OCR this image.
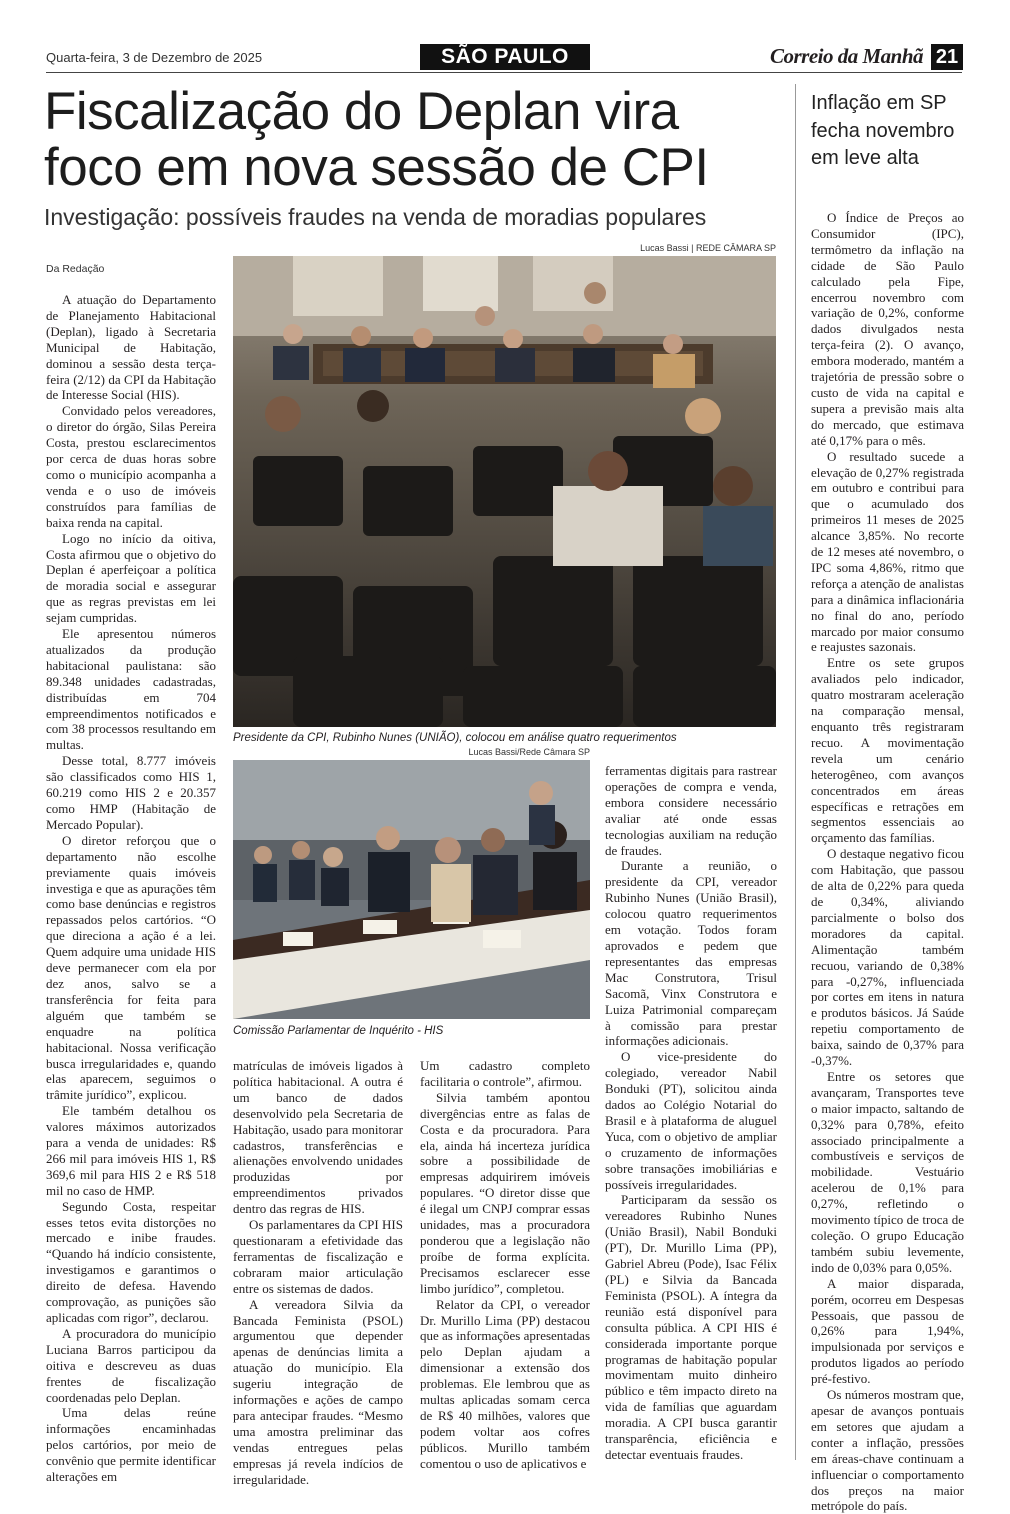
Quarta-feira, 3 de Dezembro de 2025	SÃO PAULO	Correio da Manhã 21
Fiscalização do Deplan vira foco em nova sessão de CPI
Investigação: possíveis fraudes na venda de moradias populares
Da Redação
Lucas Bassi | REDE CÂMARA SP
Presidente da CPI, Rubinho Nunes (UNIÃO), colocou em análise quatro requerimentos
Lucas Bassi/Rede Câmara SP
Comissão Parlamentar de Inquérito - HIS

A atuação do Departamento de Planejamento Habitacional (Deplan), ligado à Secretaria Municipal de Habitação, dominou a sessão desta terça-feira (2/12) da CPI da Habitação de Interesse Social (HIS).

Convidado pelos vereadores, o diretor do órgão, Silas Pereira Costa, prestou esclarecimentos por cerca de duas horas sobre como o município acompanha a venda e o uso de imóveis construídos para famílias de baixa renda na capital.

Logo no início da oitiva, Costa afirmou que o objetivo do Deplan é aperfeiçoar a política de moradia social e assegurar que as regras previstas em lei sejam cumpridas.

Ele apresentou números atualizados da produção habitacional paulistana: são 89.348 unidades cadastradas, distribuídas em 704 empreendimentos notificados e com 38 processos resultando em multas.

Desse total, 8.777 imóveis são classificados como HIS 1, 60.219 como HIS 2 e 20.357 como HMP (Habitação de Mercado Popular).

O diretor reforçou que o departamento não escolhe previamente quais imóveis investiga e que as apurações têm como base denúncias e registros repassados pelos cartórios. “O que direciona a ação é a lei. Quem adquire uma unidade HIS deve permanecer com ela por dez anos, salvo se a transferência for feita para alguém que também se enquadre na política habitacional. Nossa verificação busca irregularidades e, quando elas aparecem, seguimos o trâmite jurídico”, explicou.

Ele também detalhou os valores máximos autorizados para a venda de unidades: R$ 266 mil para imóveis HIS 1, R$ 369,6 mil para HIS 2 e R$ 518 mil no caso de HMP.

Segundo Costa, respeitar esses tetos evita distorções no mercado e inibe fraudes. “Quando há indício consistente, investigamos e garantimos o direito de defesa. Havendo comprovação, as punições são aplicadas com rigor”, declarou.

A procuradora do município Luciana Barros participou da oitiva e descreveu as duas frentes de fiscalização coordenadas pelo Deplan.

Uma delas reúne informações encaminhadas pelos cartórios, por meio de convênio que permite identificar alterações em

matrículas de imóveis ligados à política habitacional. A outra é um banco de dados desenvolvido pela Secretaria de Habitação, usado para monitorar cadastros, transferências e alienações envolvendo unidades produzidas por empreendimentos privados dentro das regras de HIS.

Os parlamentares da CPI HIS questionaram a efetividade das ferramentas de fiscalização e cobraram maior articulação entre os sistemas de dados.

A vereadora Silvia da Bancada Feminista (PSOL) argumentou que depender apenas de denúncias limita a atuação do município. Ela sugeriu integração de informações e ações de campo para antecipar fraudes. “Mesmo uma amostra preliminar das vendas entregues pelas empresas já revela indícios de irregularidade.

Um cadastro completo facilitaria o controle”, afirmou.

Silvia também apontou divergências entre as falas de Costa e da procuradora. Para ela, ainda há incerteza jurídica sobre a possibilidade de empresas adquirirem imóveis populares. “O diretor disse que é ilegal um CNPJ comprar essas unidades, mas a procuradora ponderou que a legislação não proíbe de forma explícita. Precisamos esclarecer esse limbo jurídico”, completou.

Relator da CPI, o vereador Dr. Murillo Lima (PP) destacou que as informações apresentadas pelo Deplan ajudam a dimensionar a extensão dos problemas. Ele lembrou que as multas aplicadas somam cerca de R$ 40 milhões, valores que podem voltar aos cofres públicos. Murillo também comentou o uso de aplicativos e

ferramentas digitais para rastrear operações de compra e venda, embora considere necessário avaliar até onde essas tecnologias auxiliam na redução de fraudes.

Durante a reunião, o presidente da CPI, vereador Rubinho Nunes (União Brasil), colocou quatro requerimentos em votação. Todos foram aprovados e pedem que representantes das empresas Mac Construtora, Trisul Sacomã, Vinx Construtora e Luiza Patrimonial compareçam à comissão para prestar informações adicionais.

O vice-presidente do colegiado, vereador Nabil Bonduki (PT), solicitou ainda dados ao Colégio Notarial do Brasil e à plataforma de aluguel Yuca, com o objetivo de ampliar o cruzamento de informações sobre transações imobiliárias e possíveis irregularidades.

Participaram da sessão os vereadores Rubinho Nunes (União Brasil), Nabil Bonduki (PT), Dr. Murillo Lima (PP), Gabriel Abreu (Pode), Isac Félix (PL) e Silvia da Bancada Feminista (PSOL). A íntegra da reunião está disponível para consulta pública. A CPI HIS é considerada importante porque programas de habitação popular movimentam muito dinheiro público e têm impacto direto na vida de famílias que aguardam moradia. A CPI busca garantir transparência, eficiência e detectar eventuais fraudes.

Inflação em SP fecha novembro em leve alta

O Índice de Preços ao Consumidor (IPC), termômetro da inflação na cidade de São Paulo calculado pela Fipe, encerrou novembro com variação de 0,2%, conforme dados divulgados nesta terça-feira (2). O avanço, embora moderado, mantém a trajetória de pressão sobre o custo de vida na capital e supera a previsão mais alta do mercado, que estimava até 0,17% para o mês.

O resultado sucede a elevação de 0,27% registrada em outubro e contribui para que o acumulado dos primeiros 11 meses de 2025 alcance 3,85%. No recorte de 12 meses até novembro, o IPC soma 4,86%, ritmo que reforça a atenção de analistas para a dinâmica inflacionária no final do ano, período marcado por maior consumo e reajustes sazonais.

Entre os sete grupos avaliados pelo indicador, quatro mostraram aceleração na comparação mensal, enquanto três registraram recuo. A movimentação revela um cenário heterogêneo, com avanços concentrados em áreas específicas e retrações em segmentos essenciais ao orçamento das famílias.

O destaque negativo ficou com Habitação, que passou de alta de 0,22% para queda de 0,34%, aliviando parcialmente o bolso dos moradores da capital. Alimentação também recuou, variando de 0,38% para -0,27%, influenciada por cortes em itens in natura e produtos básicos. Já Saúde repetiu comportamento de baixa, saindo de 0,37% para -0,37%.

Entre os setores que avançaram, Transportes teve o maior impacto, saltando de 0,32% para 0,78%, efeito associado principalmente a combustíveis e serviços de mobilidade. Vestuário acelerou de 0,1% para 0,27%, refletindo o movimento típico de troca de coleção. O grupo Educação também subiu levemente, indo de 0,03% para 0,05%.

A maior disparada, porém, ocorreu em Despesas Pessoais, que passou de 0,26% para 1,94%, impulsionada por serviços e produtos ligados ao período pré-festivo.

Os números mostram que, apesar de avanços pontuais em setores que ajudam a conter a inflação, pressões em áreas-chave continuam a influenciar o comportamento dos preços na maior metrópole do país.
